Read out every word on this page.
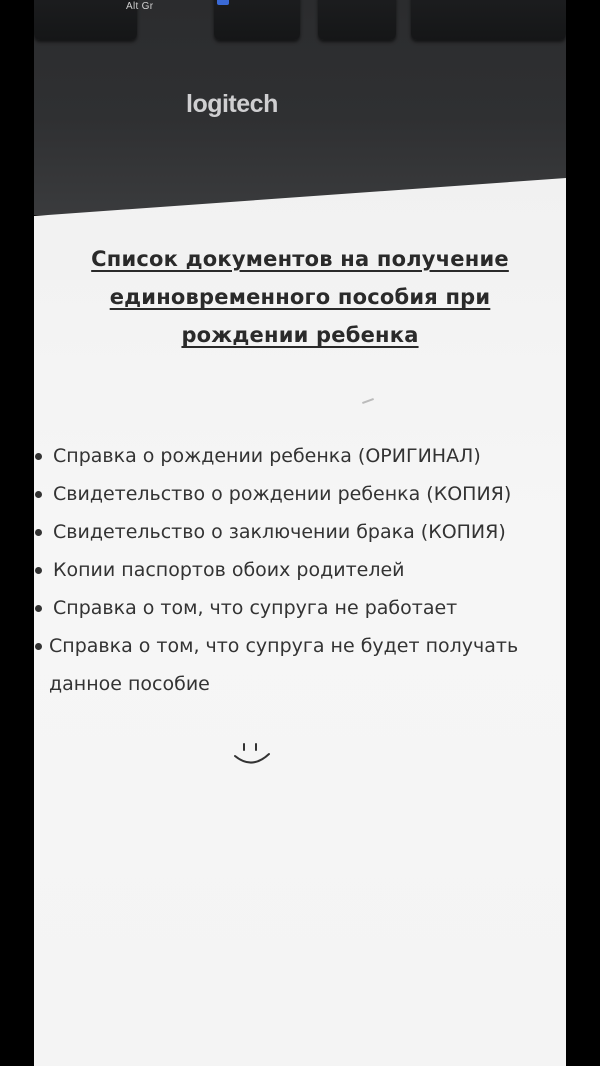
Alt Gr
logitech
Список документов на получение
единовременного пособия при
рождении ребенка
Справка о рождении ребенка (ОРИГИНАЛ)
Свидетельство о рождении ребенка (КОПИЯ)
Свидетельство о заключении брака (КОПИЯ)
Копии паспортов обоих родителей
Справка о том, что супруга не работает
Справка о том, что супруга не будет получать данное пособие
